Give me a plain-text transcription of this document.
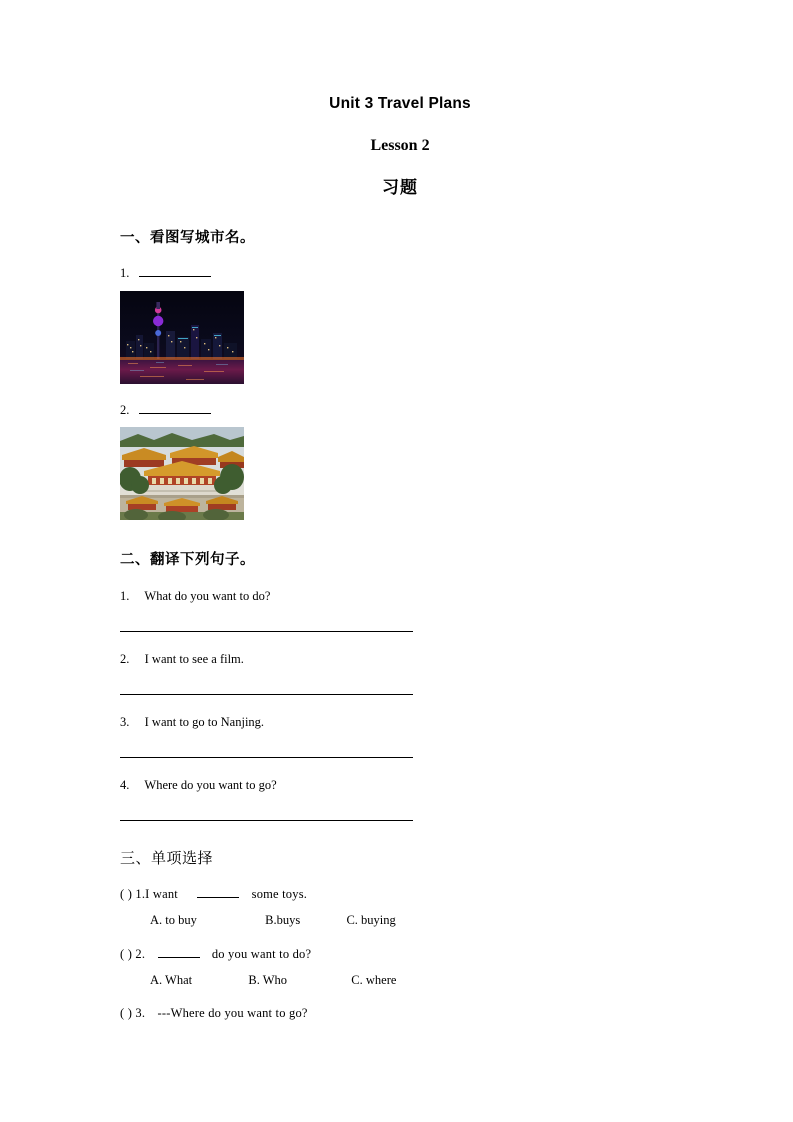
Unit 3 Travel Plans
Lesson 2
习题
一、看图写城市名。
1.
2.
二、翻译下列句子。
1. What do you want to do?
2. I want to see a film.
3. I want to go to Nanjing.
4. Where do you want to go?
三、单项选择
( ) 1.I want	some toys.
A. to buy	B.buys	C. buying
( ) 2.	do you want to do?
A. What	B. Who	C. where
( ) 3. ---Where do you want to go?
